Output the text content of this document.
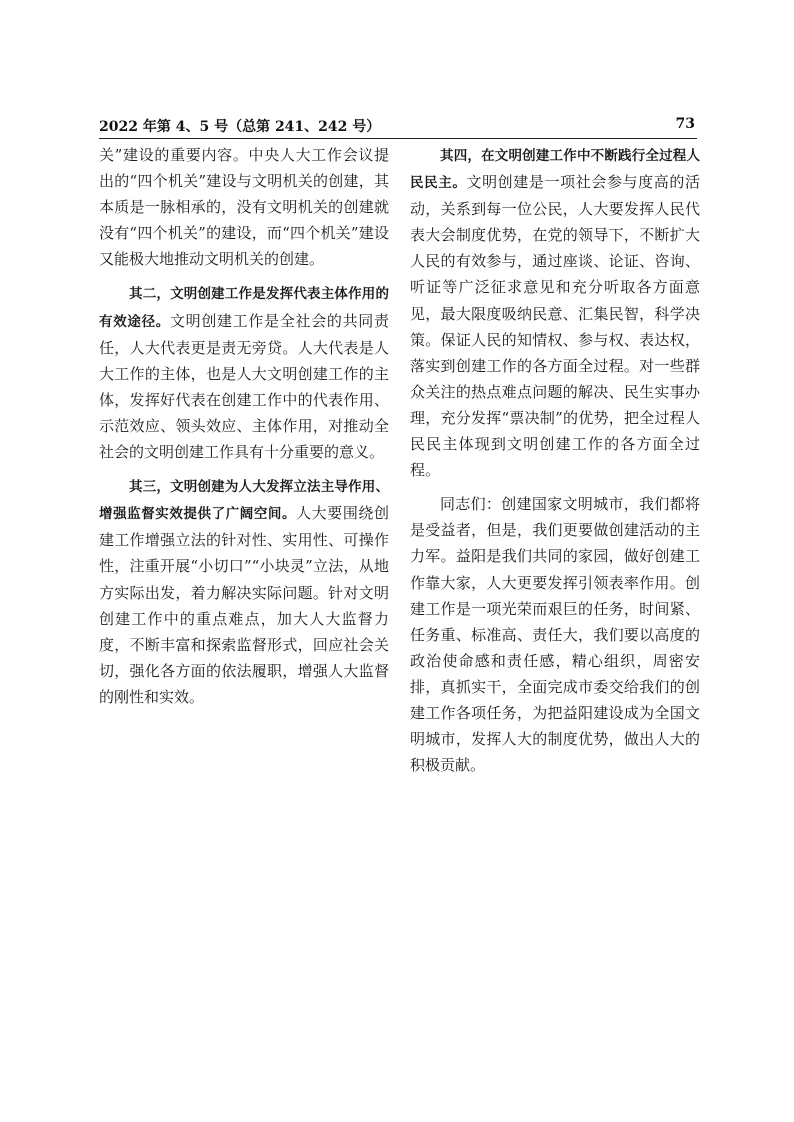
2022 年第 4、5 号（总第 241、242 号）	73

关”建设的重要内容。中央人大工作会议提出的“四个机关”建设与文明机关的创建，其本质是一脉相承的，没有文明机关的创建就没有“四个机关”的建设，而“四个机关”建设又能极大地推动文明机关的创建。

其二，文明创建工作是发挥代表主体作用的有效途径。文明创建工作是全社会的共同责任，人大代表更是责无旁贷。人大代表是人大工作的主体，也是人大文明创建工作的主体，发挥好代表在创建工作中的代表作用、示范效应、领头效应、主体作用，对推动全社会的文明创建工作具有十分重要的意义。

其三，文明创建为人大发挥立法主导作用、增强监督实效提供了广阔空间。人大要围绕创建工作增强立法的针对性、实用性、可操作性，注重开展“小切口”“小块灵”立法，从地方实际出发，着力解决实际问题。针对文明创建工作中的重点难点，加大人大监督力度，不断丰富和探索监督形式，回应社会关切，强化各方面的依法履职，增强人大监督的刚性和实效。

其四，在文明创建工作中不断践行全过程人民民主。文明创建是一项社会参与度高的活动，关系到每一位公民，人大要发挥人民代表大会制度优势，在党的领导下，不断扩大人民的有效参与，通过座谈、论证、咨询、听证等广泛征求意见和充分听取各方面意见，最大限度吸纳民意、汇集民智，科学决策。保证人民的知情权、参与权、表达权，落实到创建工作的各方面全过程。对一些群众关注的热点难点问题的解决、民生实事办理，充分发挥“票决制”的优势，把全过程人民民主体现到文明创建工作的各方面全过程。

同志们：创建国家文明城市，我们都将是受益者，但是，我们更要做创建活动的主力军。益阳是我们共同的家园，做好创建工作靠大家，人大更要发挥引领表率作用。创建工作是一项光荣而艰巨的任务，时间紧、任务重、标准高、责任大，我们要以高度的政治使命感和责任感，精心组织，周密安排，真抓实干，全面完成市委交给我们的创建工作各项任务，为把益阳建设成为全国文明城市，发挥人大的制度优势，做出人大的积极贡献。
